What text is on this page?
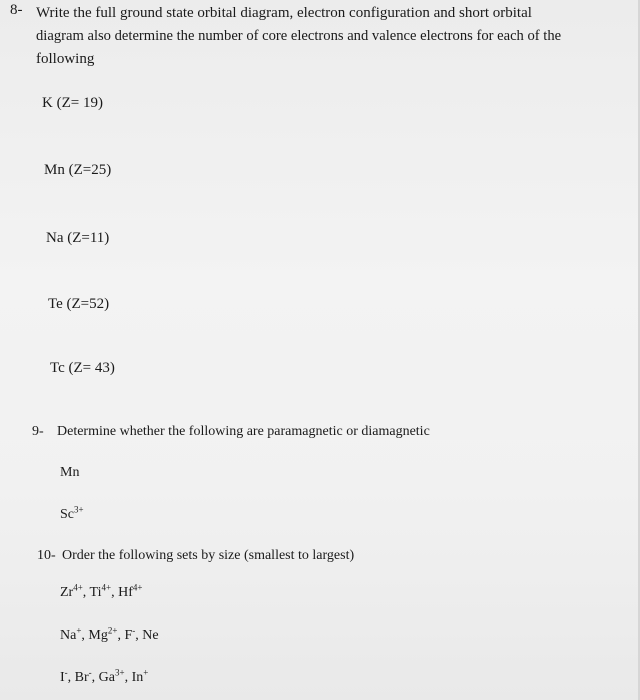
8- Write the full ground state orbital diagram, electron configuration and short orbital
diagram also determine the number of core electrons and valence electrons for each of the
following
K (Z= 19)
Mn (Z=25)
Na (Z=11)
Te (Z=52)
Tc (Z= 43)
9- Determine whether the following are paramagnetic or diamagnetic
Mn
$Sc^{3+}$
10- Order the following sets by size (smallest to largest)
$Zr^{4+}$, $Ti^{4+}$, $Hf^{4+}$
Na+, $Mg^{2+}$, F-, Ne
I-, Br-, $Ga^{3+}$, In+
